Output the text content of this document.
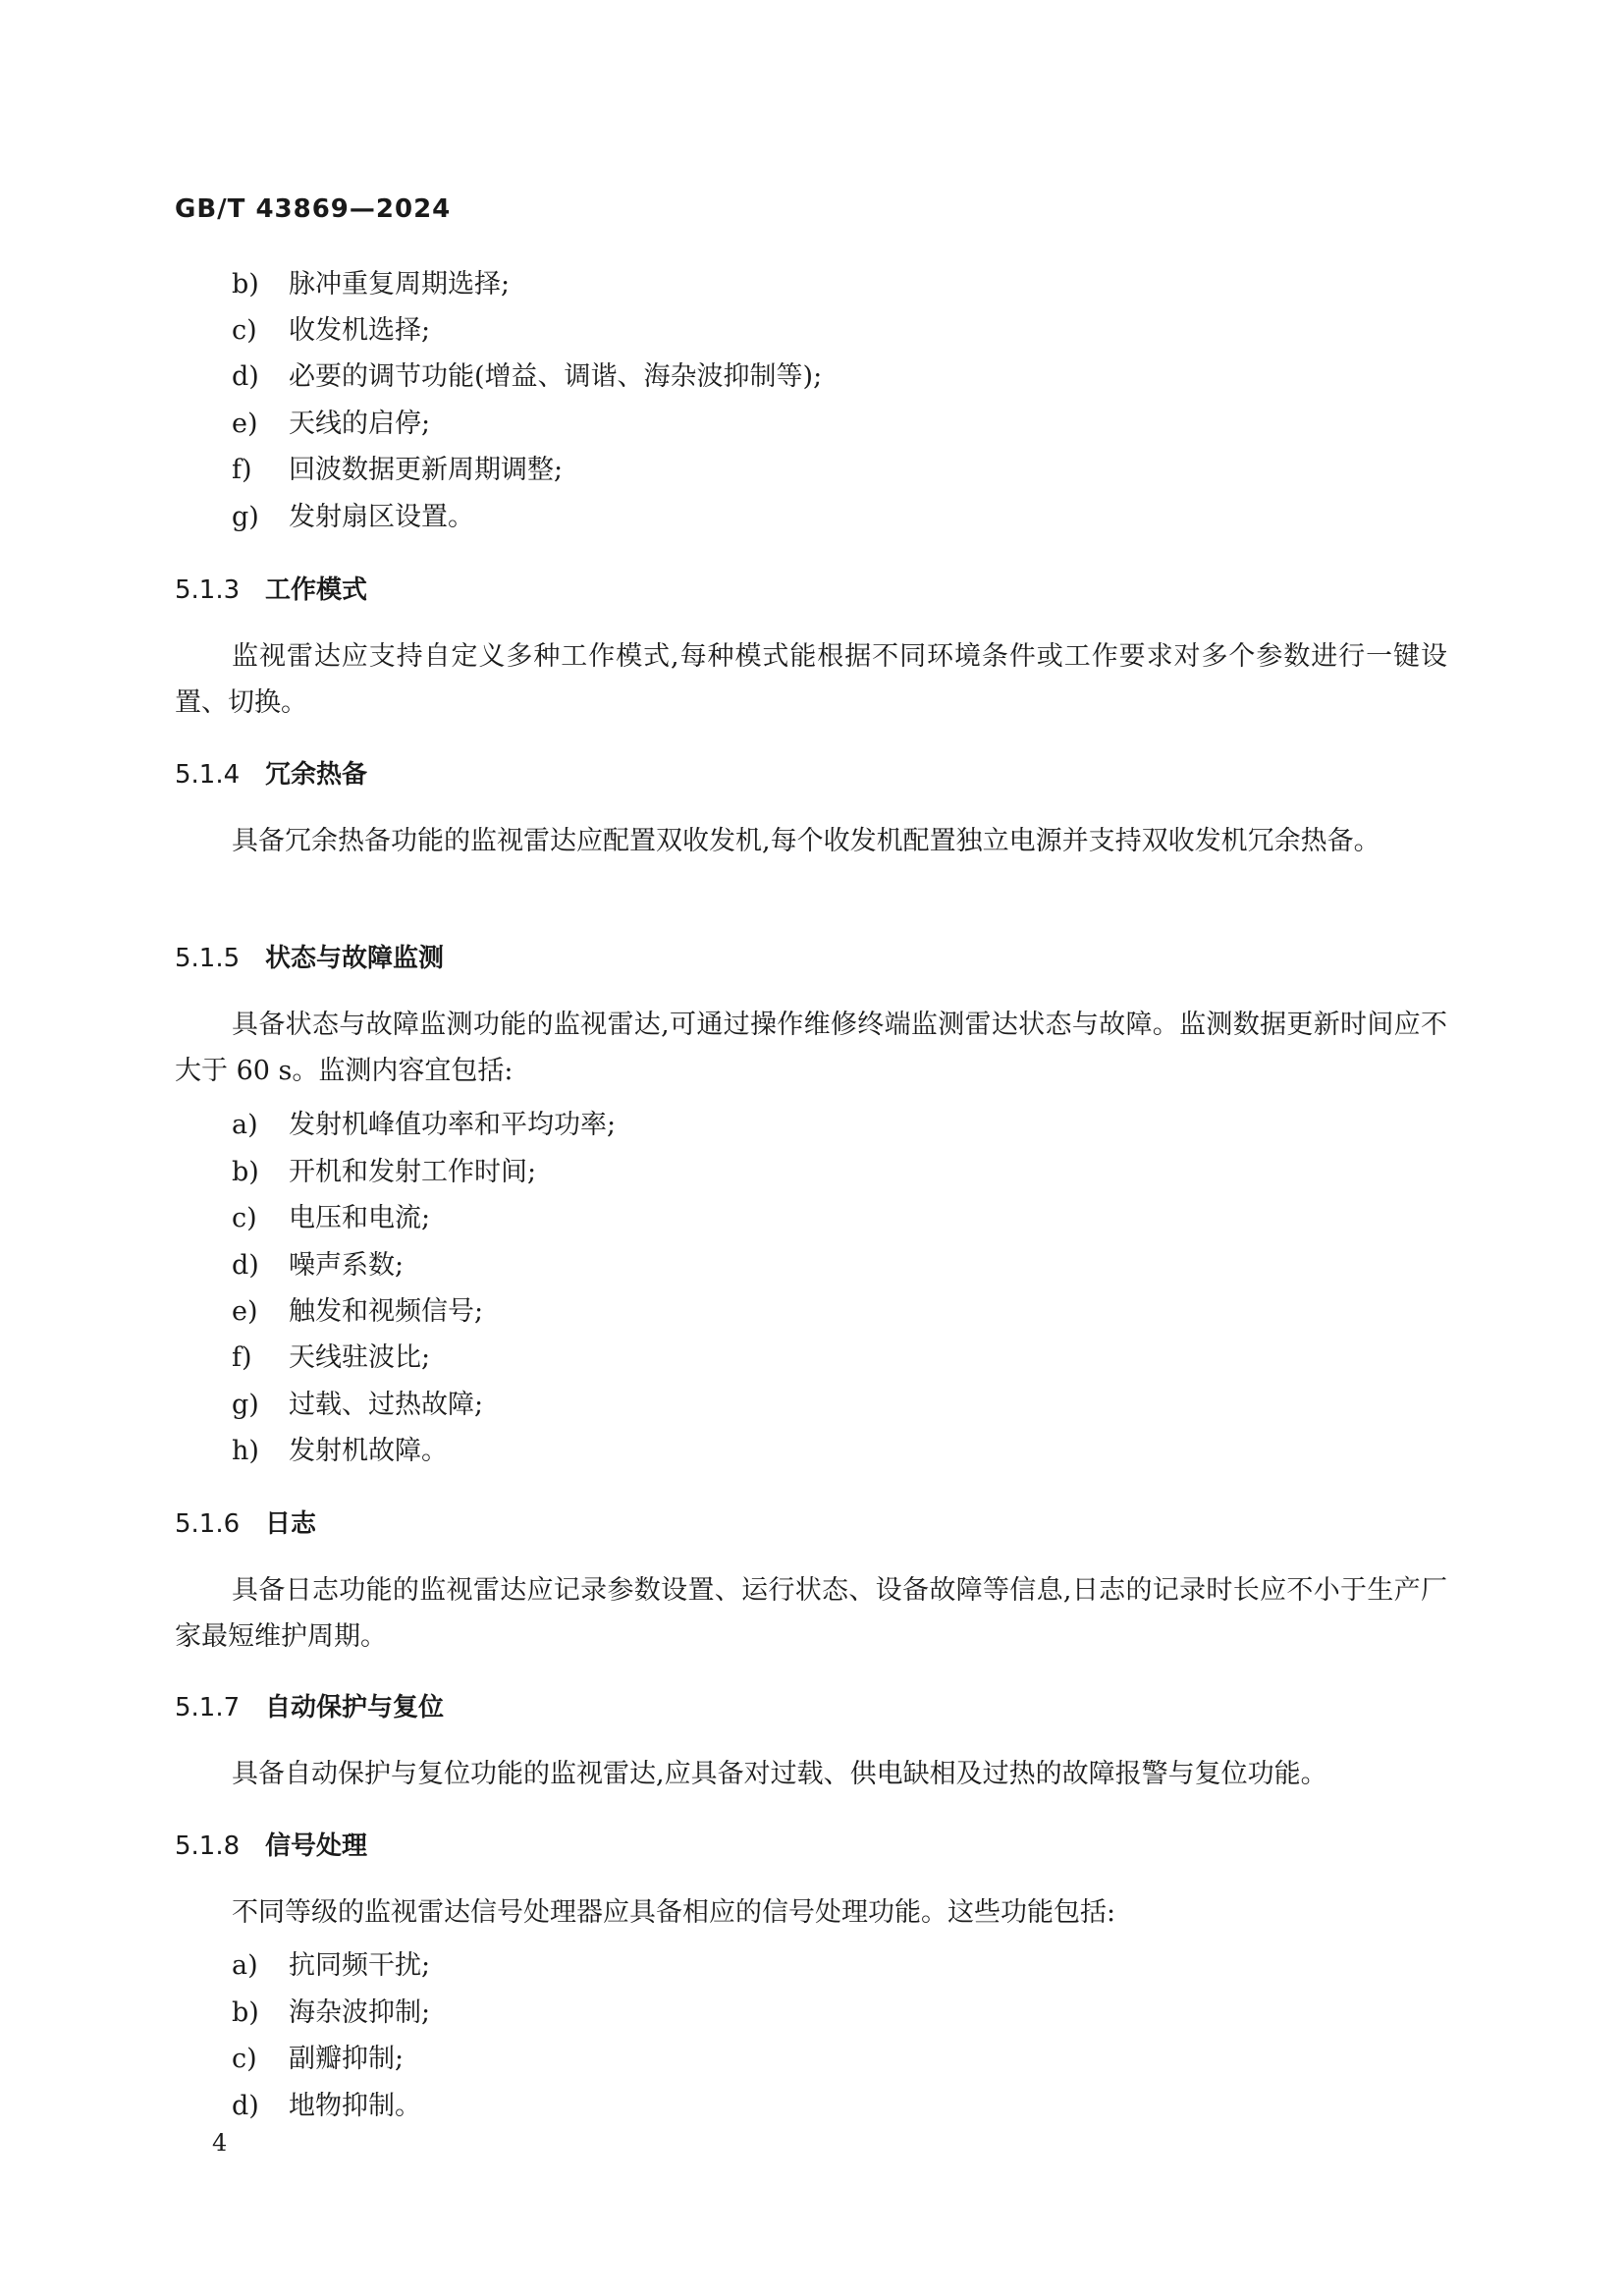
GB/T 43869—2024
b) 脉冲重复周期选择;
c) 收发机选择;
d) 必要的调节功能(增益、调谐、海杂波抑制等);
e) 天线的启停;
f) 回波数据更新周期调整;
g) 发射扇区设置。
5.1.3 工作模式
监视雷达应支持自定义多种工作模式,每种模式能根据不同环境条件或工作要求对多个参数进行一键设置、切换。
5.1.4 冗余热备
具备冗余热备功能的监视雷达应配置双收发机,每个收发机配置独立电源并支持双收发机冗余热备。
5.1.5 状态与故障监测
具备状态与故障监测功能的监视雷达,可通过操作维修终端监测雷达状态与故障。监测数据更新时间应不大于 60 s。监测内容宜包括:
a) 发射机峰值功率和平均功率;
b) 开机和发射工作时间;
c) 电压和电流;
d) 噪声系数;
e) 触发和视频信号;
f) 天线驻波比;
g) 过载、过热故障;
h) 发射机故障。
5.1.6 日志
具备日志功能的监视雷达应记录参数设置、运行状态、设备故障等信息,日志的记录时长应不小于生产厂家最短维护周期。
5.1.7 自动保护与复位
具备自动保护与复位功能的监视雷达,应具备对过载、供电缺相及过热的故障报警与复位功能。
5.1.8 信号处理
不同等级的监视雷达信号处理器应具备相应的信号处理功能。这些功能包括:
a) 抗同频干扰;
b) 海杂波抑制;
c) 副瓣抑制;
d) 地物抑制。
4
